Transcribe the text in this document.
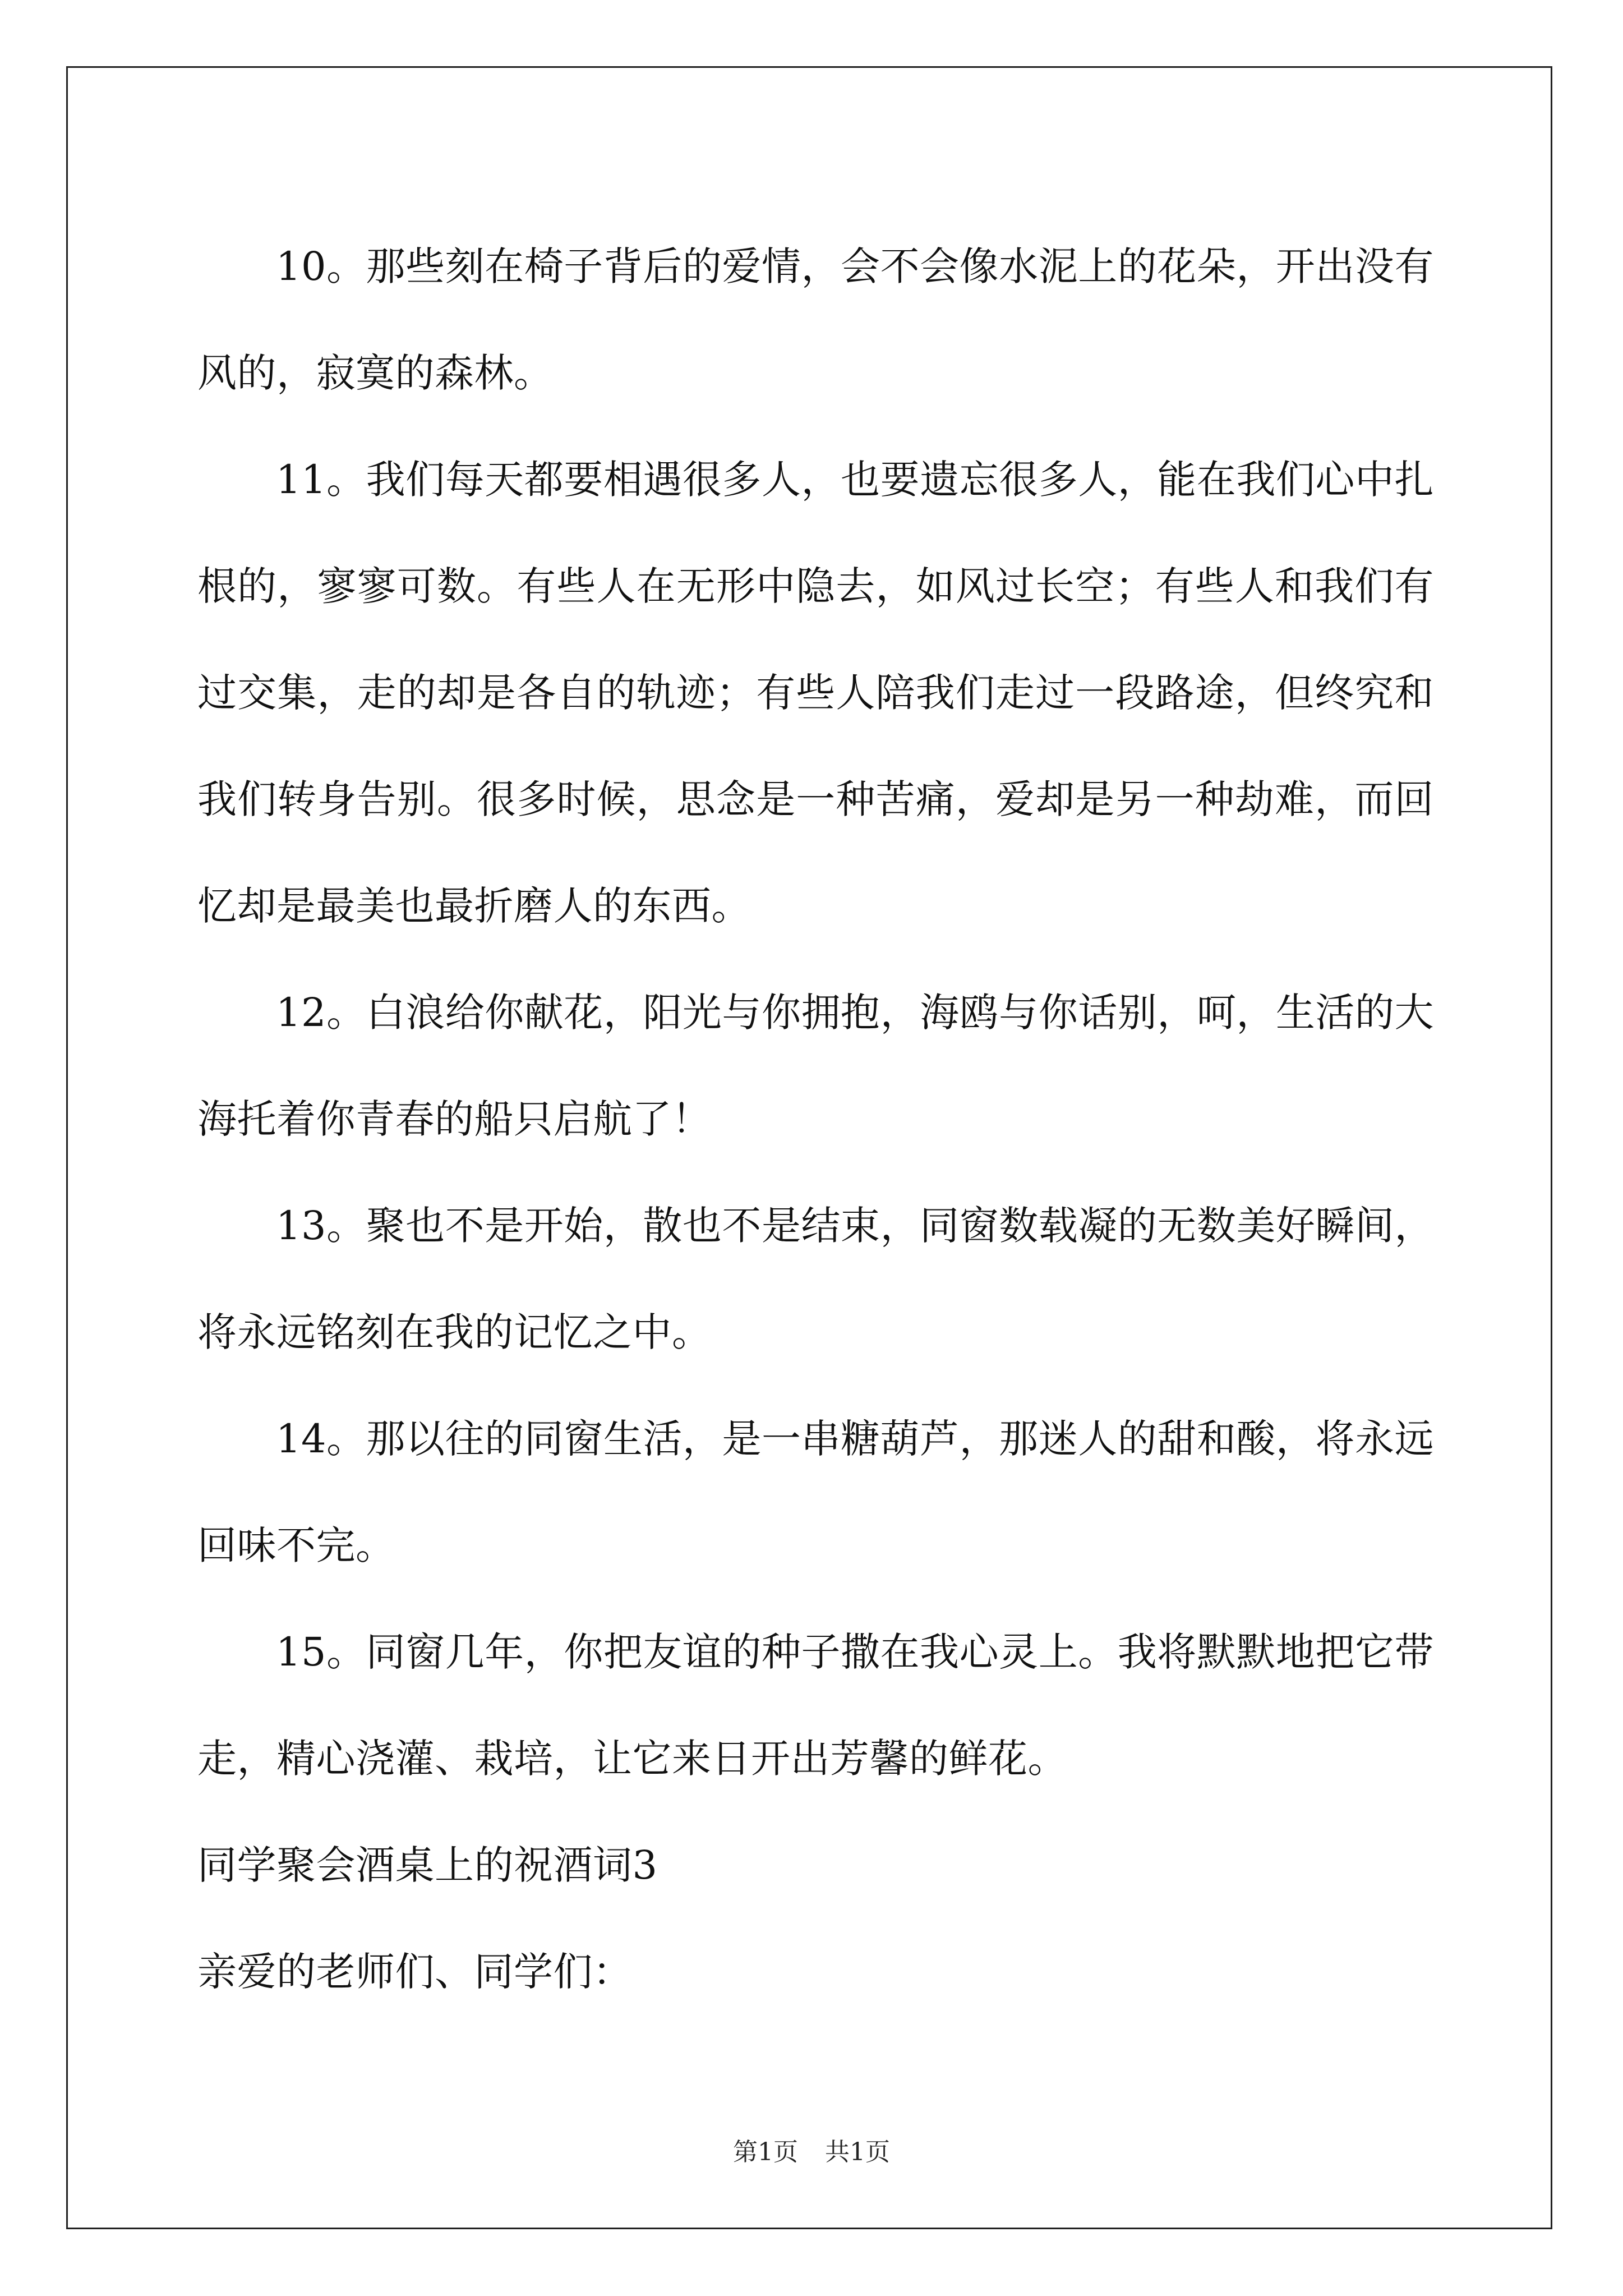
10。那些刻在椅子背后的爱情，会不会像水泥上的花朵，开出没有风的，寂寞的森林。

11。我们每天都要相遇很多人，也要遗忘很多人，能在我们心中扎根的，寥寥可数。有些人在无形中隐去，如风过长空；有些人和我们有过交集，走的却是各自的轨迹；有些人陪我们走过一段路途，但终究和我们转身告别。很多时候，思念是一种苦痛，爱却是另一种劫难，而回忆却是最美也最折磨人的东西。

12。白浪给你献花，阳光与你拥抱，海鸥与你话别，呵，生活的大海托着你青春的船只启航了！

13。聚也不是开始，散也不是结束，同窗数载凝的无数美好瞬间，将永远铭刻在我的记忆之中。

14。那以往的同窗生活，是一串糖葫芦，那迷人的甜和酸，将永远回味不完。

15。同窗几年，你把友谊的种子撒在我心灵上。我将默默地把它带走，精心浇灌、栽培，让它来日开出芳馨的鲜花。

同学聚会酒桌上的祝酒词3

亲爱的老师们、同学们：

第1页 共1页
